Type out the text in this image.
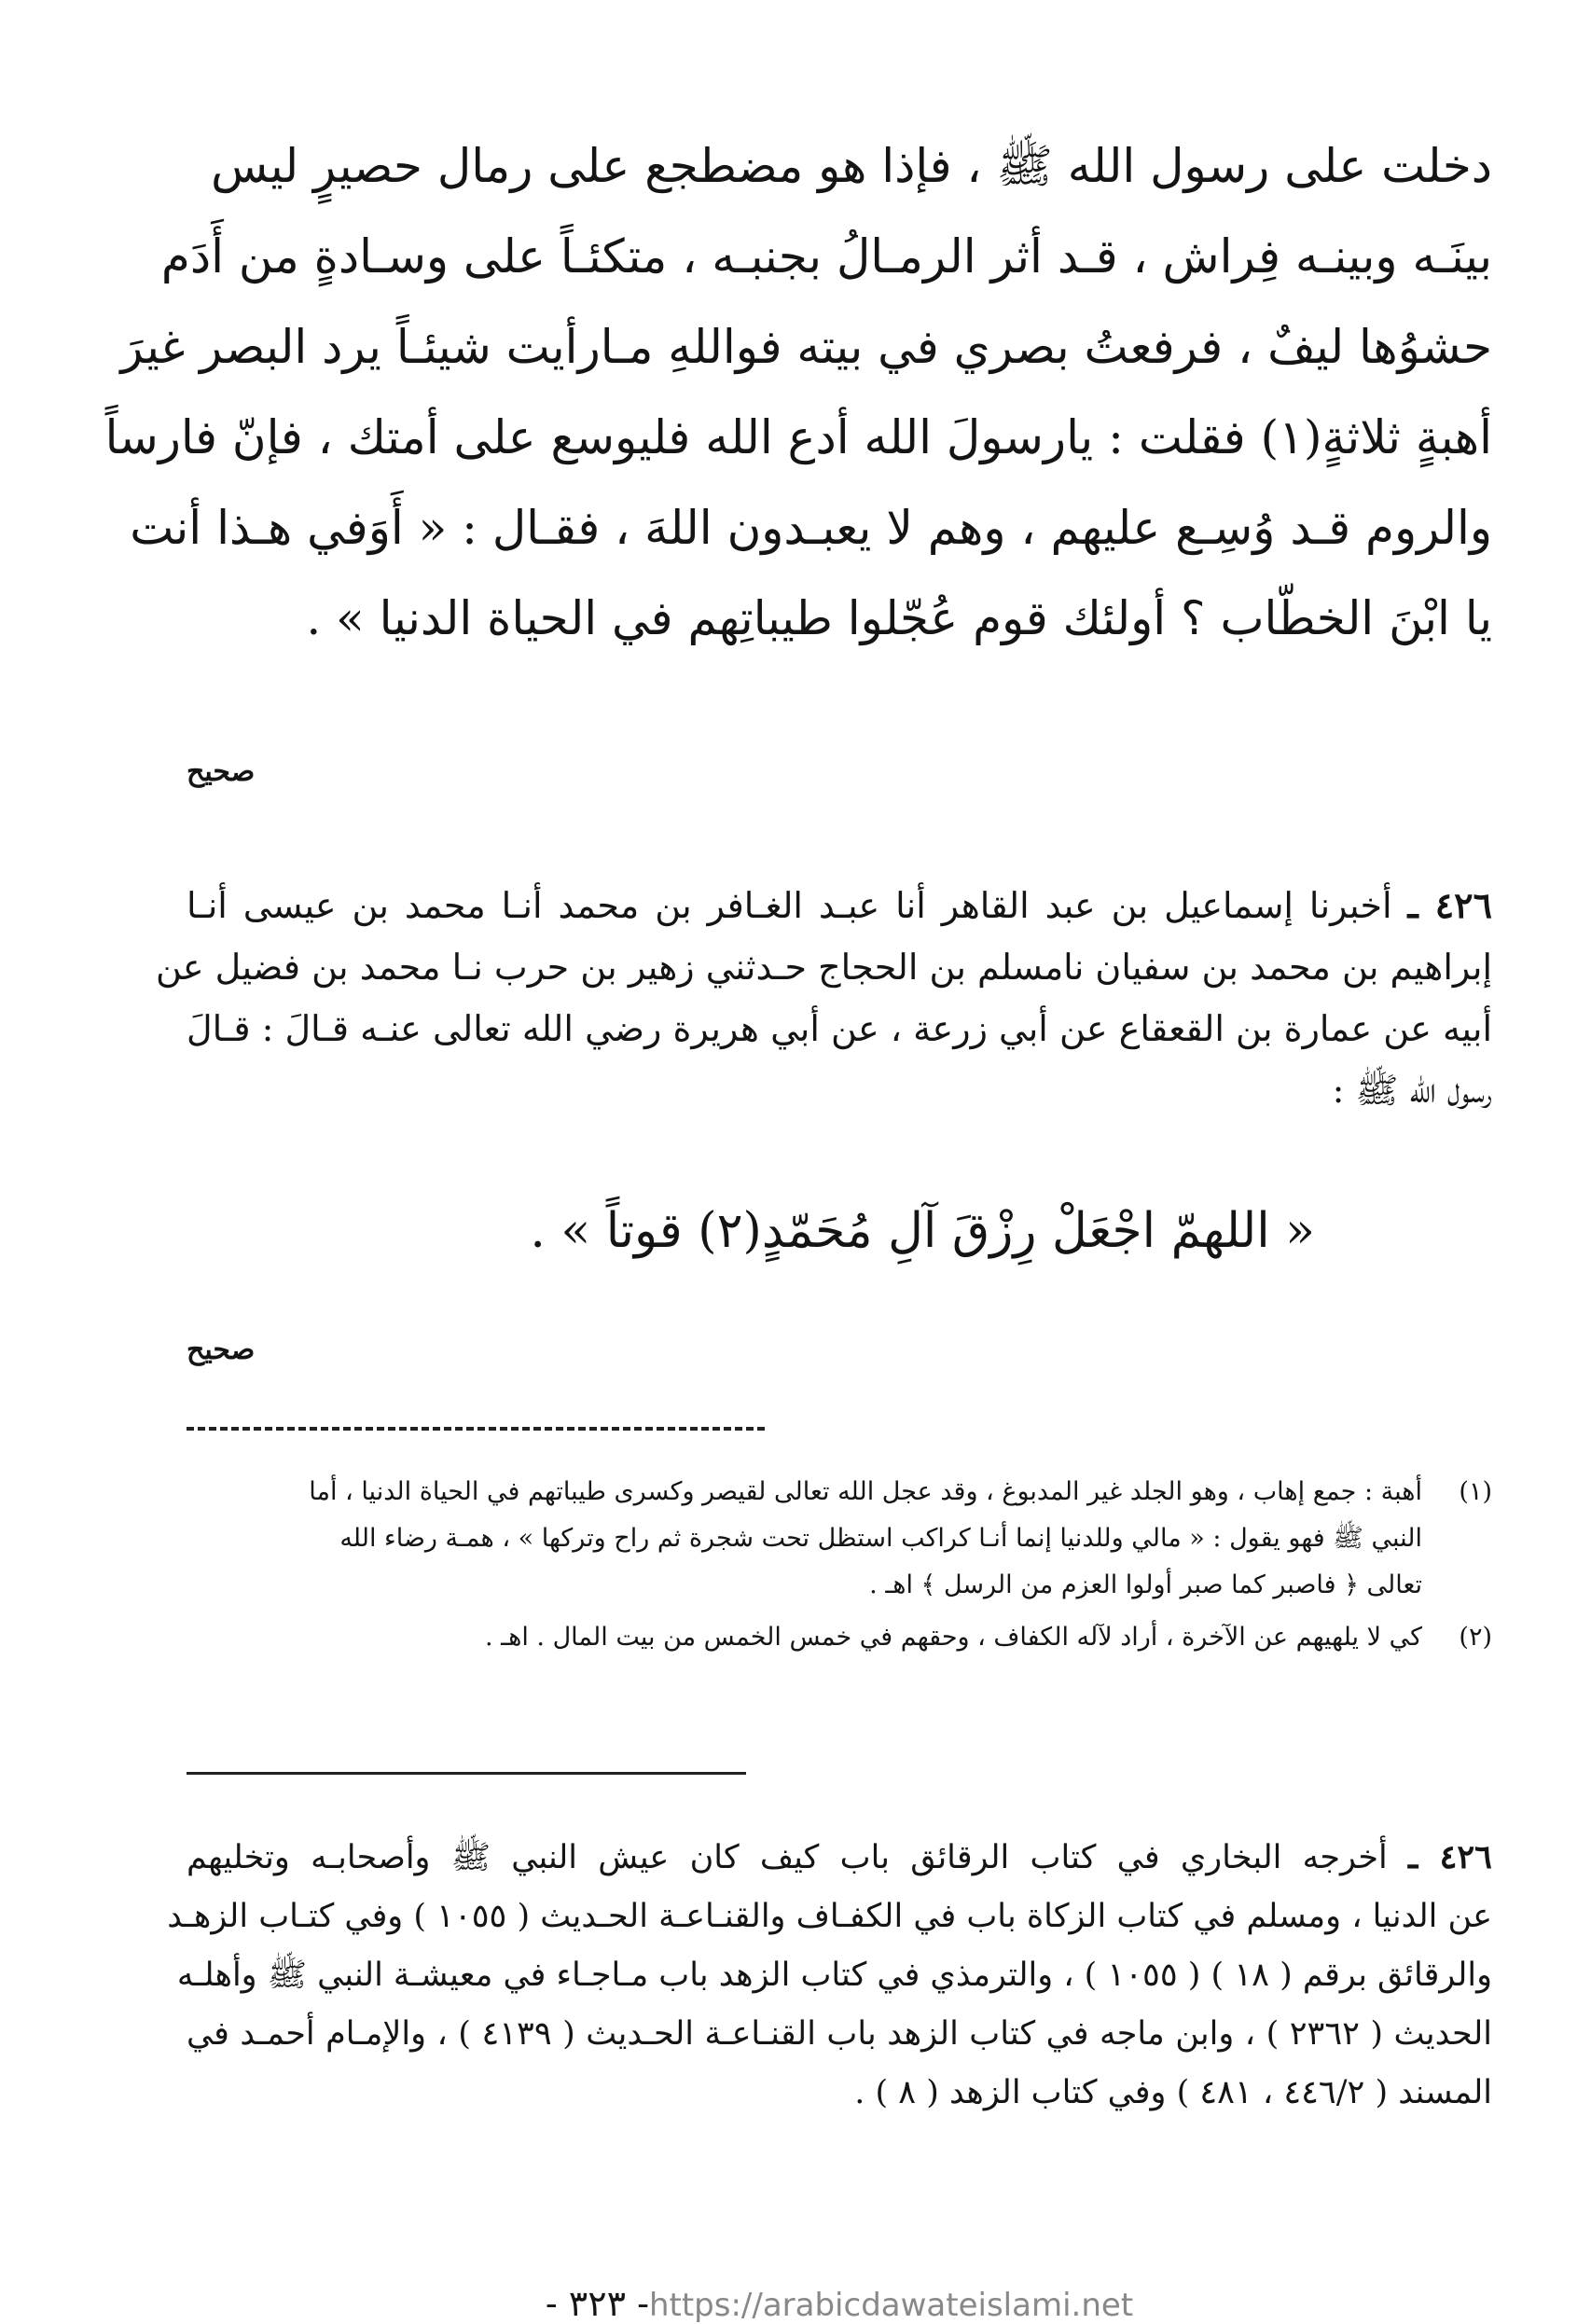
دخلت على رسول الله ﷺ ، فإذا هو مضطجع على رمال حصيرٍ ليس
بينَـه وبينـه فِراش ، قـد أثر الرمـالُ بجنبـه ، متكئـاً على وسـادةٍ من أَدَم
حشوُها ليفٌ ، فرفعتُ بصري في بيته فواللهِ مـارأيت شيئـاً يرد البصر غيرَ
أهبةٍ ثلاثةٍ(١) فقلت : يارسولَ الله أدع الله فليوسع على أمتك ، فإنّ فارساً
والروم قـد وُسِـع عليهم ، وهم لا يعبـدون اللهَ ، فقـال : « أَوَفي هـذا أنت
يا ابْنَ الخطّاب ؟ أولئك قوم عُجّلوا طيباتِهم في الحياة الدنيا » .
صحيح
٤٢٦ ـ أخبرنا إسماعيل بن عبد القاهر أنا عبـد الغـافر بن محمد أنـا محمد بن عيسى أنـا
إبراهيم بن محمد بن سفيان نامسلم بن الحجاج حـدثني زهير بن حرب نـا محمد بن فضيل عن
أبيه عن عمارة بن القعقاع عن أبي زرعة ، عن أبي هريرة رضي الله تعالى عنـه قـالَ : قـالَ
رسول الله ﷺ :
« اللهمّ اجْعَلْ رِزْقَ آلِ مُحَمّدٍ(٢) قوتاً » .
صحيح
(١)
أهبة : جمع إهاب ، وهو الجلد غير المدبوغ ، وقد عجل الله تعالى لقيصر وكسرى طيباتهم في الحياة الدنيا ، أما
النبي ﷺ فهو يقول : « مالي وللدنيا إنما أنـا كراكب استظل تحت شجرة ثم راح وتركها » ، همـة رضاء الله
تعالى ﴿ فاصبر كما صبر أولوا العزم من الرسل ﴾ اهـ .
(٢)
كي لا يلهيهم عن الآخرة ، أراد لآله الكفاف ، وحقهم في خمس الخمس من بيت المال . اهـ .
٤٢٦ ـ أخرجه البخاري في كتاب الرقائق باب كيف كان عيش النبي ﷺ وأصحابـه وتخليهم
عن الدنيا ، ومسلم في كتاب الزكاة باب في الكفـاف والقنـاعـة الحـديث ( ١٠٥٥ ) وفي كتـاب الزهـد
والرقائق برقم ( ١٨ ) ( ١٠٥٥ ) ، والترمذي في كتاب الزهد باب مـاجـاء في معيشـة النبي ﷺ وأهلـه
الحديث ( ٢٣٦٢ ) ، وابن ماجه في كتاب الزهد باب القنـاعـة الحـديث ( ٤١٣٩ ) ، والإمـام أحمـد في
المسند ( ٤٤٦/٢ ، ٤٨١ ) وفي كتاب الزهد ( ٨ ) .
- ٣٢٣ -https://arabicdawateislami.net
